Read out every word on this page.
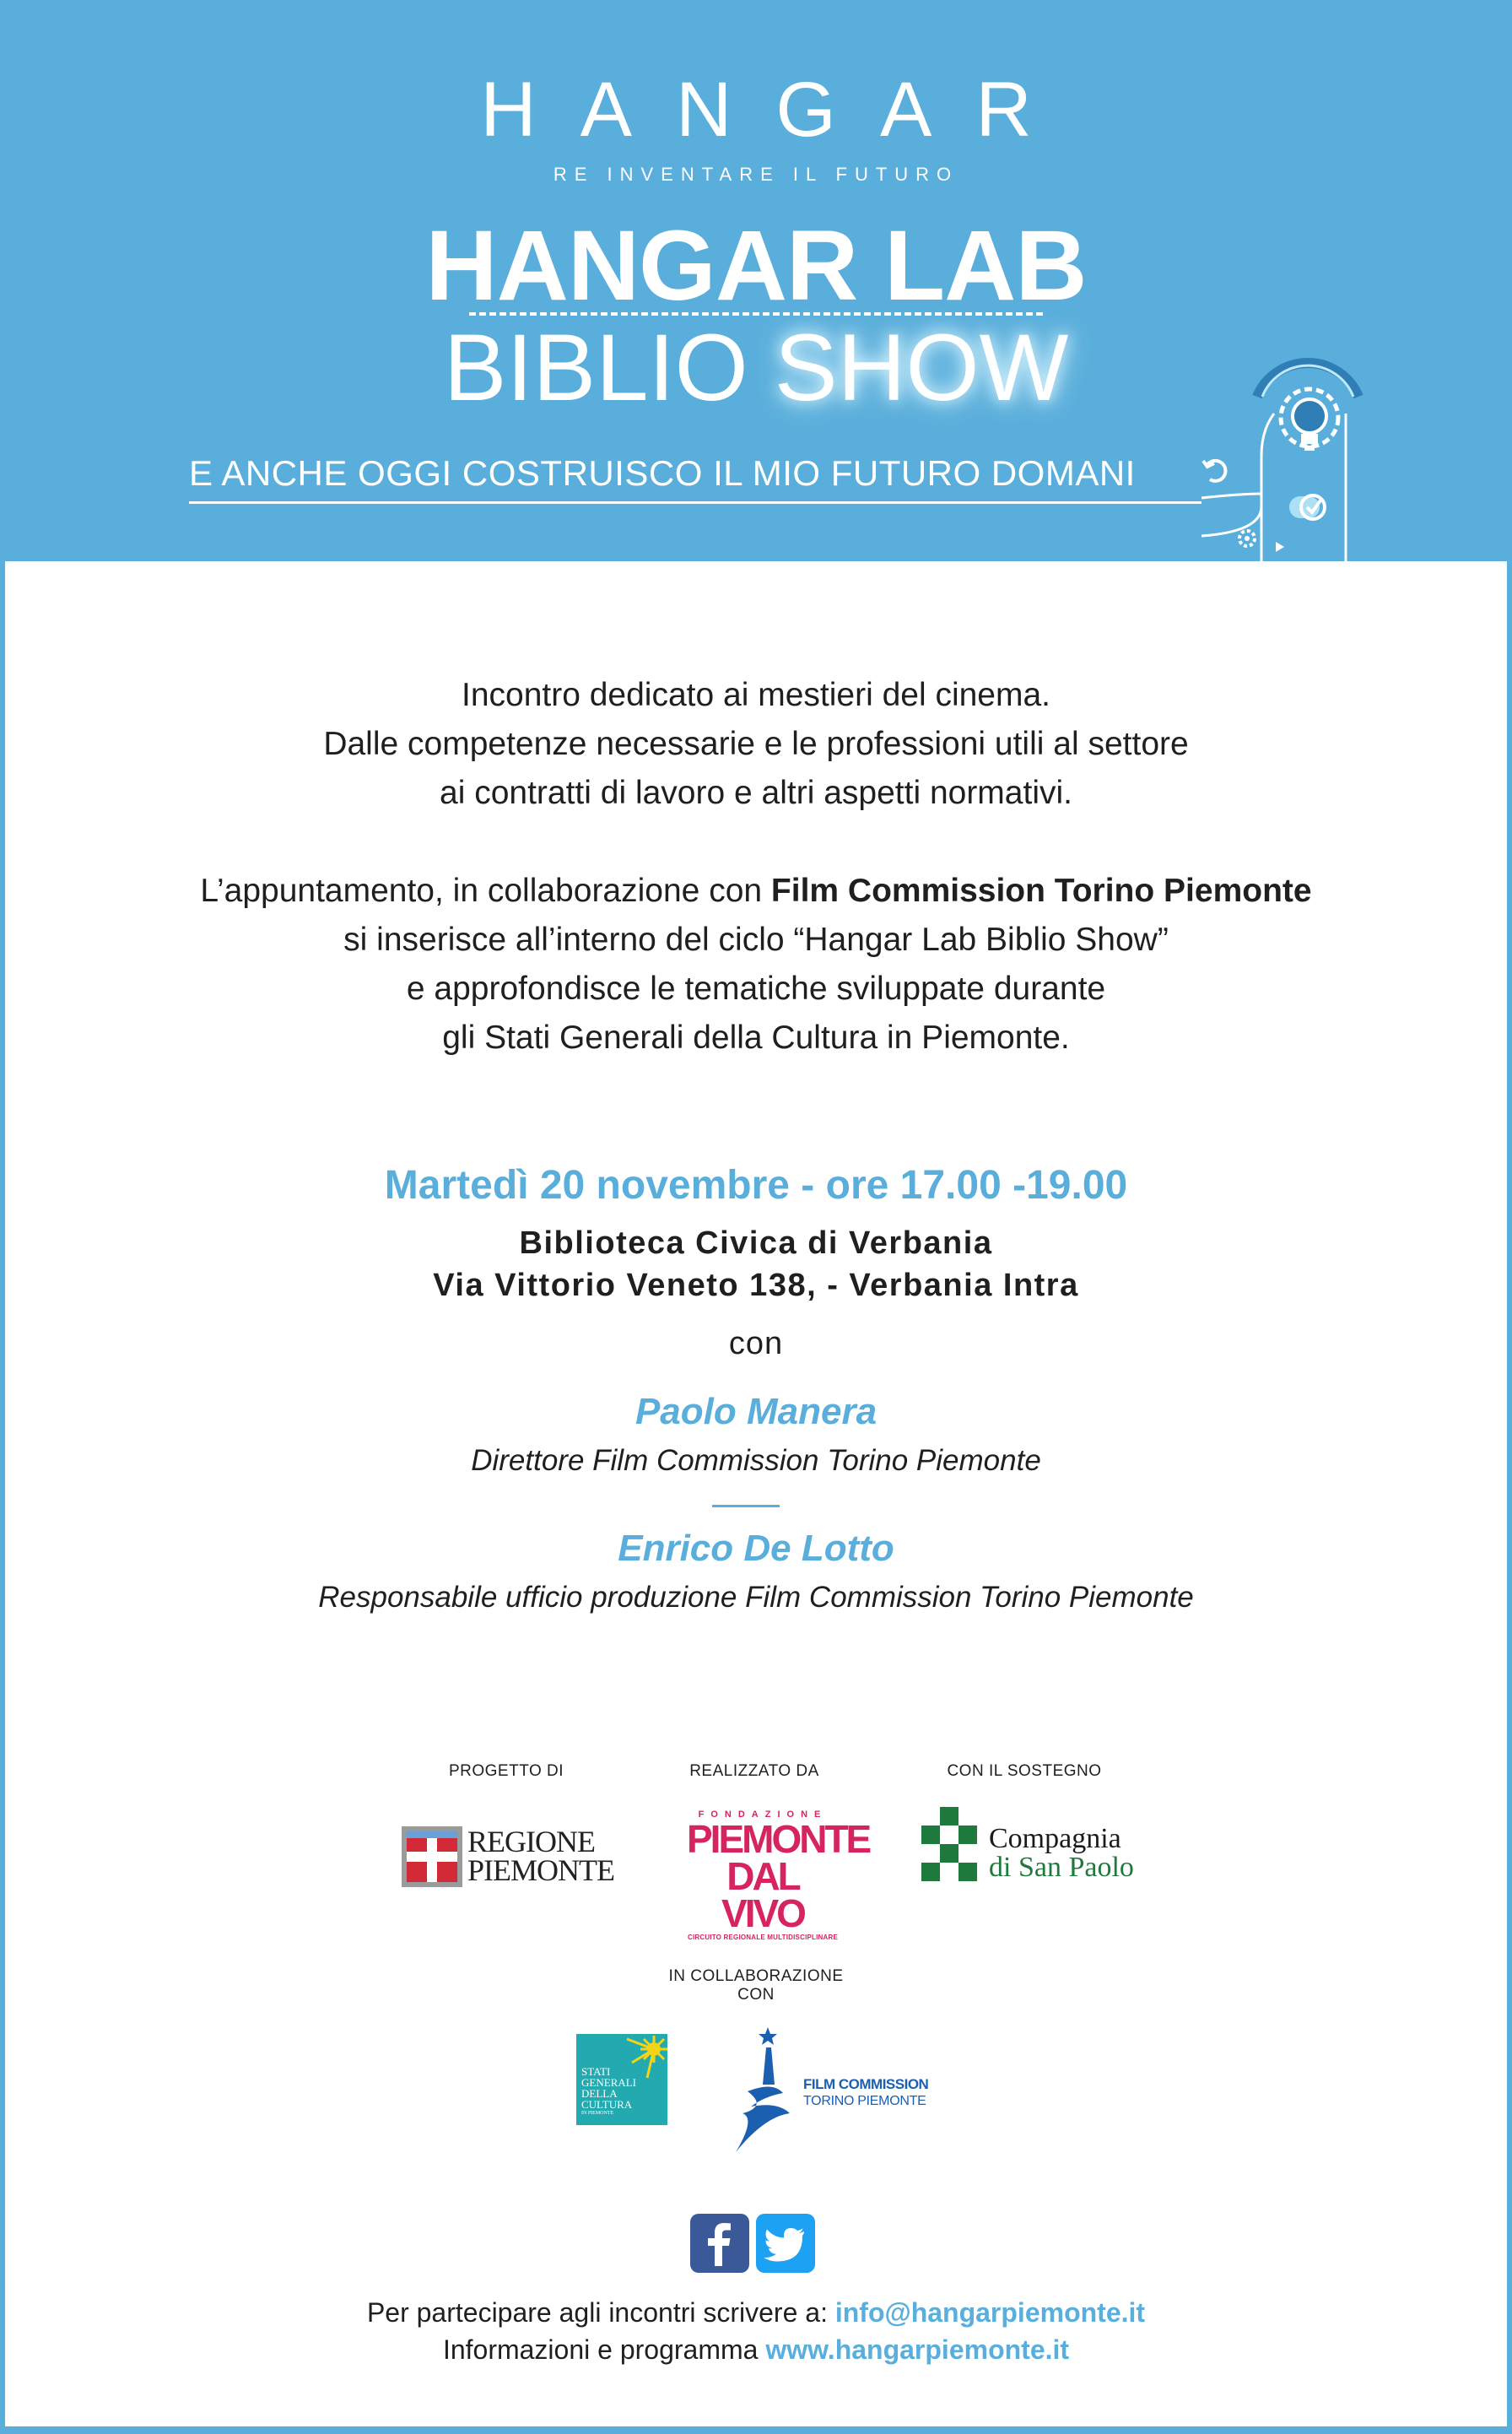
HANGAR
RE INVENTARE IL FUTURO
HANGAR LAB
BIBLIO SHOW
E ANCHE OGGI COSTRUISCO IL MIO FUTURO DOMANI

Incontro dedicato ai mestieri del cinema.
Dalle competenze necessarie e le professioni utili al settore
ai contratti di lavoro e altri aspetti normativi.

L’appuntamento, in collaborazione con Film Commission Torino Piemonte
si inserisce all’interno del ciclo “Hangar Lab Biblio Show”
e approfondisce le tematiche sviluppate durante
gli Stati Generali della Cultura in Piemonte.

Martedì 20 novembre - ore 17.00 -19.00
Biblioteca Civica di Verbania
Via Vittorio Veneto 138, - Verbania Intra
con
Paolo Manera
Direttore Film Commission Torino Piemonte
Enrico De Lotto
Responsabile ufficio produzione Film Commission Torino Piemonte
PROGETTO DI	REALIZZATO DA	CON IL SOSTEGNO
REGIONE
PIEMONTE
FONDAZIONE
PIEMONTE
DAL VIVO
CIRCUITO REGIONALE MULTIDISCIPLINARE
Compagnia
di San Paolo
IN COLLABORAZIONE CON
STATI
GENERALI
DELLA
CULTURA
IN PIEMONTE
FILM COMMISSION
TORINO PIEMONTE
Per partecipare agli incontri scrivere a: info@hangarpiemonte.it
Informazioni e programma www.hangarpiemonte.it
